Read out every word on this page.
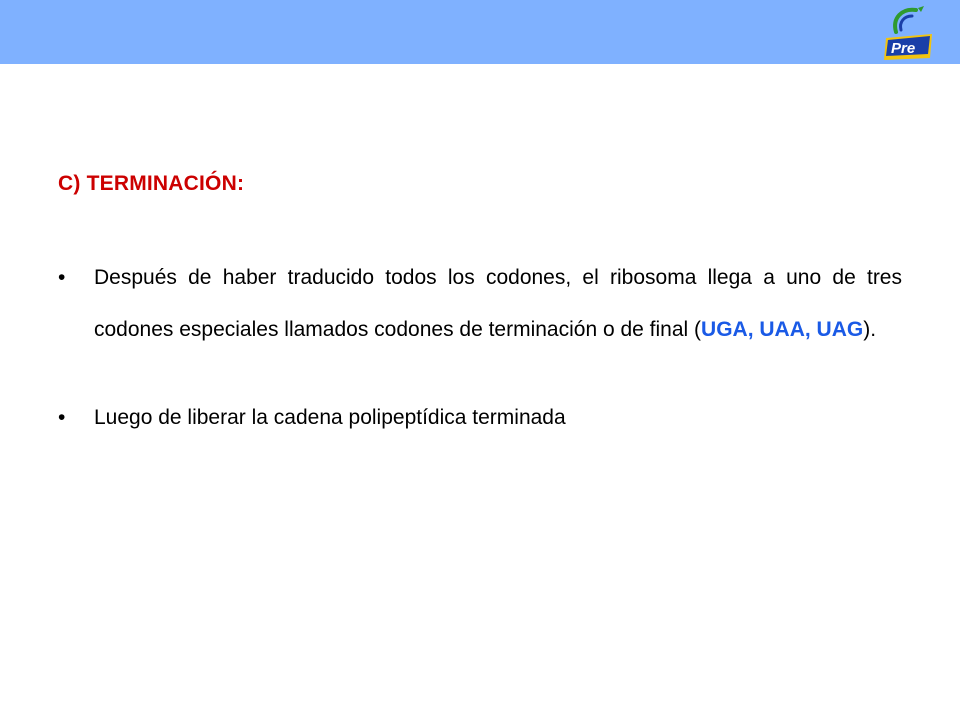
Pre
C) TERMINACIÓN:
• Después de haber traducido todos los codones, el ribosoma llega a uno de tres codones especiales llamados codones de terminación o de final (UGA, UAA, UAG).
• Luego de liberar la cadena polipeptídica terminada
